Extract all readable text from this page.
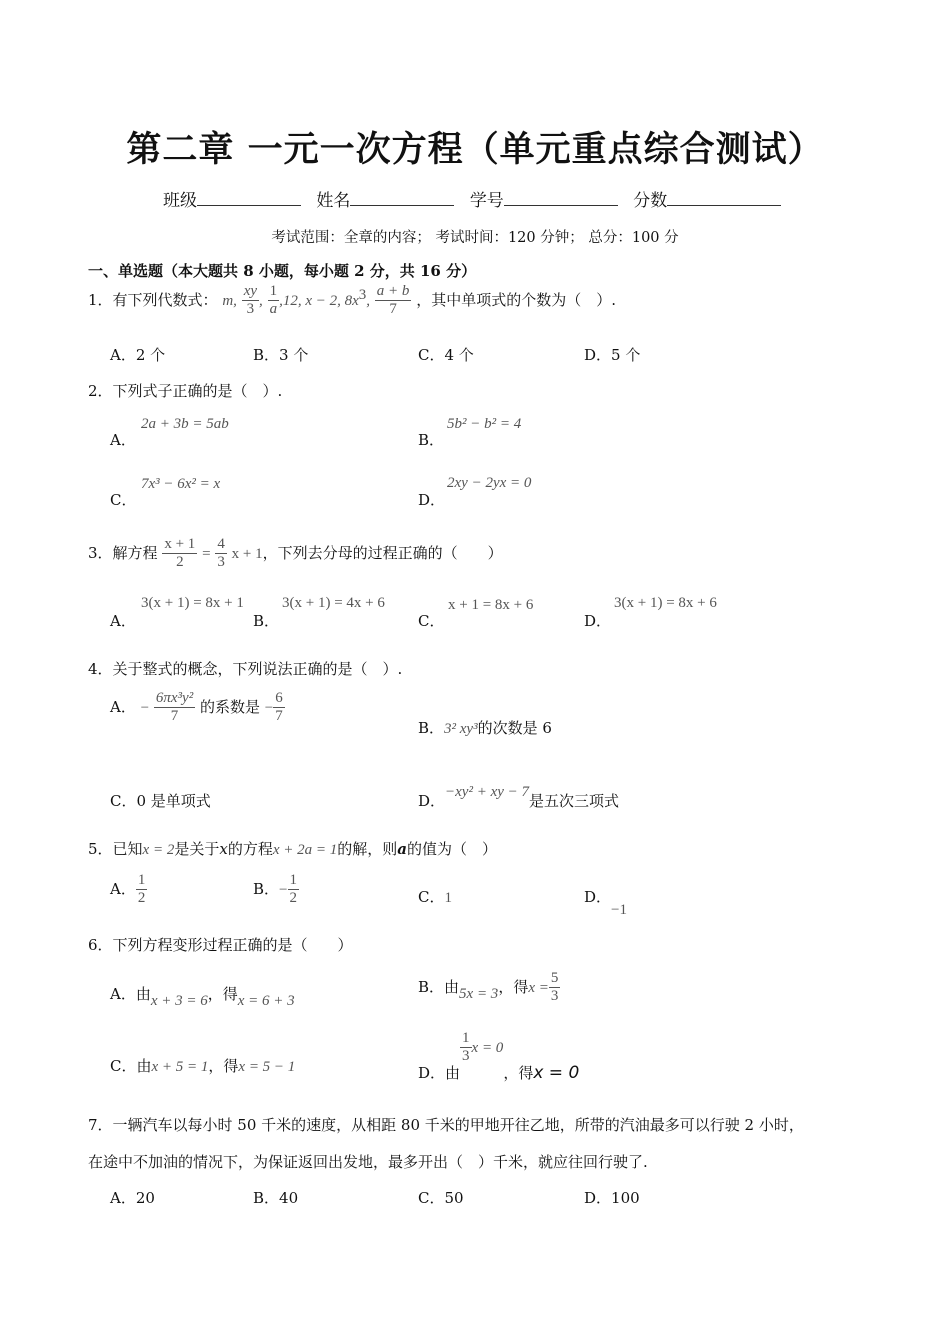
第二章 一元一次方程（单元重点综合测试）
班级	姓名	学号	分数
考试范围：全章的内容； 考试时间：120 分钟； 总分：100 分
一、单选题（本大题共 8 小题，每小题 2 分，共 16 分）
1．有下列代数式： m, $\frac{xy}{3}$ , $\frac{1}{a} ,12$, x − 2, $8x^3$, $\frac{a + b}{7}$ ，其中单项式的个数为（　）.
A．2 个	B．3 个	C．4 个	D．5 个
2．下列式子正确的是（　）.
A．
2a + 3b = 5ab
B．
5b² − b² = 4
C．
7x³ − 6x² = x
D．
2xy − 2yx = 0
3．解方程 $\frac{x + 1}{2} = \frac{4}{3}$ x + 1，下列去分母的过程正确的（　　）
A．
3(x + 1) = 8x + 1
B．
3(x + 1) = 4x + 6
C．
x + 1 = 8x + 6
D．
3(x + 1) = 8x + 6
4．关于整式的概念，下列说法正确的是（　）.
A． − $\frac{\text{6πx³y²}}{7}$ 的系数是 − $\frac{6}{7}$
B．3² xy³的次数是 6
C．0 是单项式	D．−xy² + xy − 7是五次三项式
5．已知x = 2是关于x的方程x + 2a = 1的解，则a的值为（　）
A． $\frac{1}{2}$	B．− $\frac{1}{2}$	C．1	D．−1
6．下列方程变形过程正确的是（　　）
A．由x + 3 = 6，得x = 6 + 3
B．由5x = 3，得$x = \frac{5}{3}$
C．由x + 5 = 1，得x = 5 − 1	D．由
$\frac{1}{3}$ x = 0，得x = 0
7．一辆汽车以每小时 50 千米的速度，从相距 80 千米的甲地开往乙地，所带的汽油最多可以行驶 2 小时，
在途中不加油的情况下，为保证返回出发地，最多开出（　）千米，就应往回行驶了.
A．20	B．40	C．50	D．100
